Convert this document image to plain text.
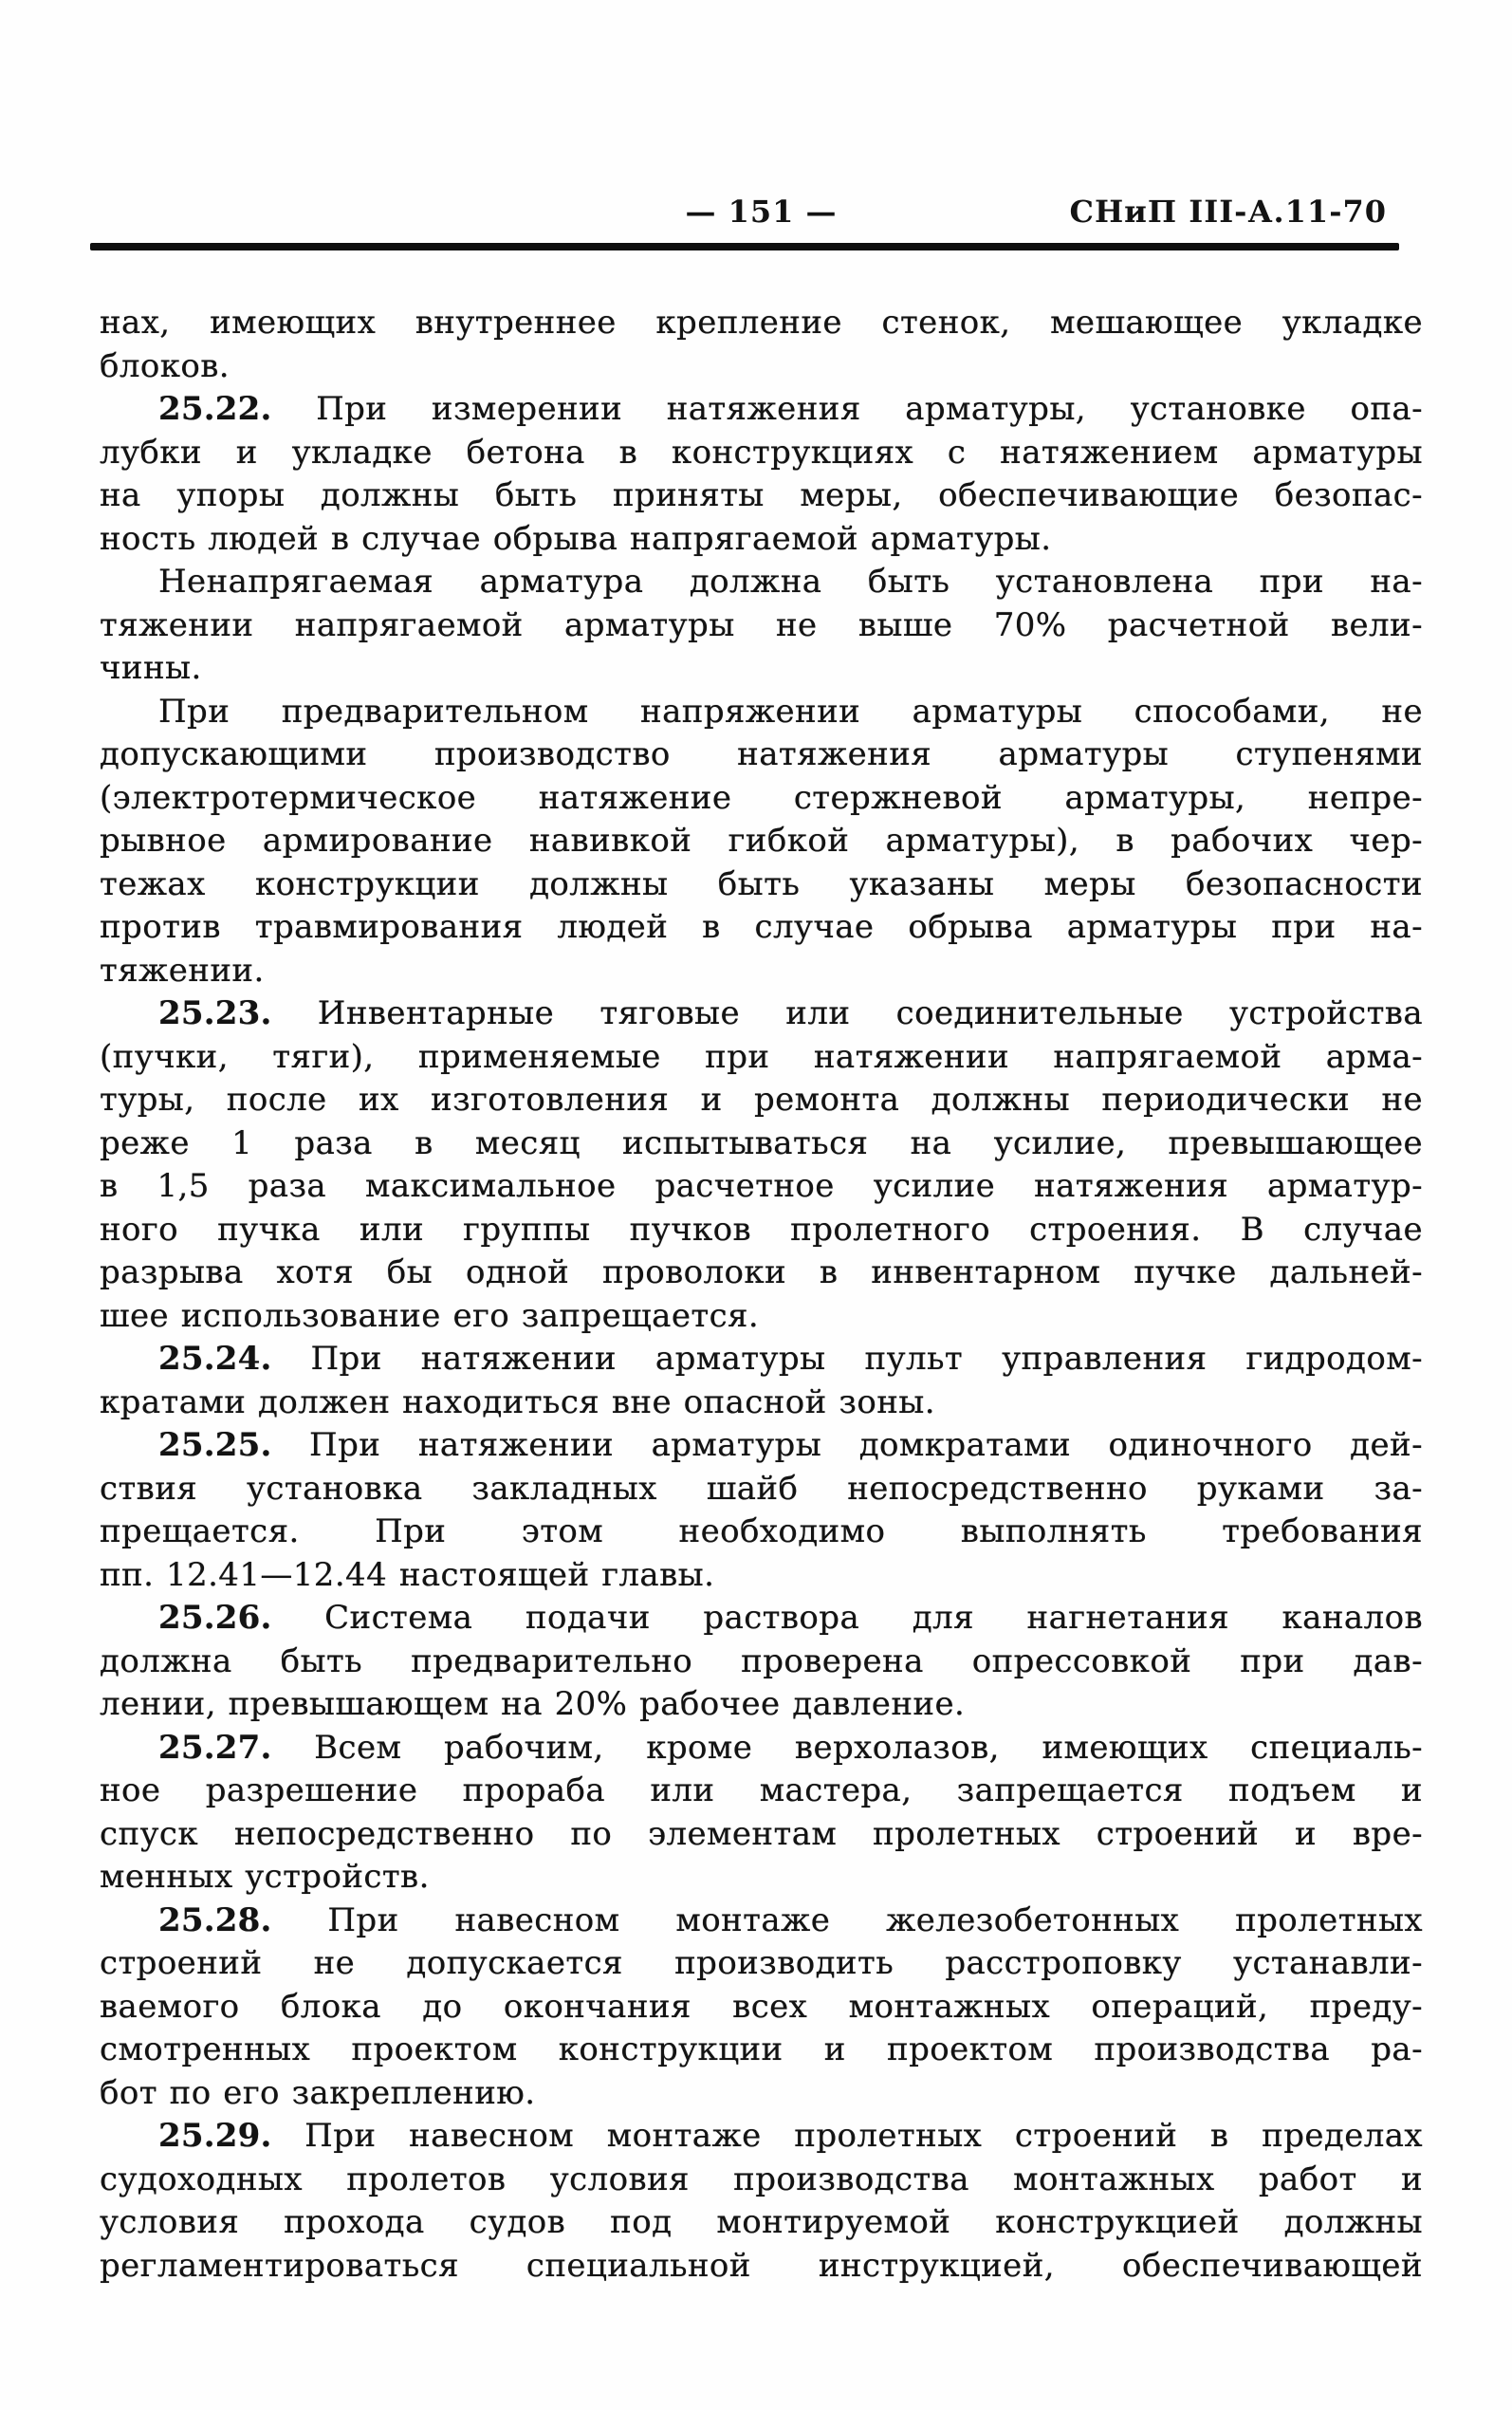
— 151 —	СНиП III-А.11-70
нах, имеющих внутреннее крепление стенок, мешающее укладке
блоков.
25.22. При измерении натяжения арматуры, установке опа-
лубки и укладке бетона в конструкциях с натяжением арматуры
на упоры должны быть приняты меры, обеспечивающие безопас-
ность людей в случае обрыва напрягаемой арматуры.
Ненапрягаемая арматура должна быть установлена при на-
тяжении напрягаемой арматуры не выше 70% расчетной вели-
чины.
При предварительном напряжении арматуры способами, не
допускающими производство натяжения арматуры ступенями
(электротермическое натяжение стержневой арматуры, непре-
рывное армирование навивкой гибкой арматуры), в рабочих чер-
тежах конструкции должны быть указаны меры безопасности
против травмирования людей в случае обрыва арматуры при на-
тяжении.
25.23. Инвентарные тяговые или соединительные устройства
(пучки, тяги), применяемые при натяжении напрягаемой арма-
туры, после их изготовления и ремонта должны периодически не
реже 1 раза в месяц испытываться на усилие, превышающее
в 1,5 раза максимальное расчетное усилие натяжения арматур-
ного пучка или группы пучков пролетного строения. В случае
разрыва хотя бы одной проволоки в инвентарном пучке дальней-
шее использование его запрещается.
25.24. При натяжении арматуры пульт управления гидродом-
кратами должен находиться вне опасной зоны.
25.25. При натяжении арматуры домкратами одиночного дей-
ствия установка закладных шайб непосредственно руками за-
прещается. При этом необходимо выполнять требования
пп. 12.41—12.44 настоящей главы.
25.26. Система подачи раствора для нагнетания каналов
должна быть предварительно проверена опрессовкой при дав-
лении, превышающем на 20% рабочее давление.
25.27. Всем рабочим, кроме верхолазов, имеющих специаль-
ное разрешение прораба или мастера, запрещается подъем и
спуск непосредственно по элементам пролетных строений и вре-
менных устройств.
25.28. При навесном монтаже железобетонных пролетных
строений не допускается производить расстроповку устанавли-
ваемого блока до окончания всех монтажных операций, преду-
смотренных проектом конструкции и проектом производства ра-
бот по его закреплению.
25.29. При навесном монтаже пролетных строений в пределах
судоходных пролетов условия производства монтажных работ и
условия прохода судов под монтируемой конструкцией должны
регламентироваться специальной инструкцией, обеспечивающей
